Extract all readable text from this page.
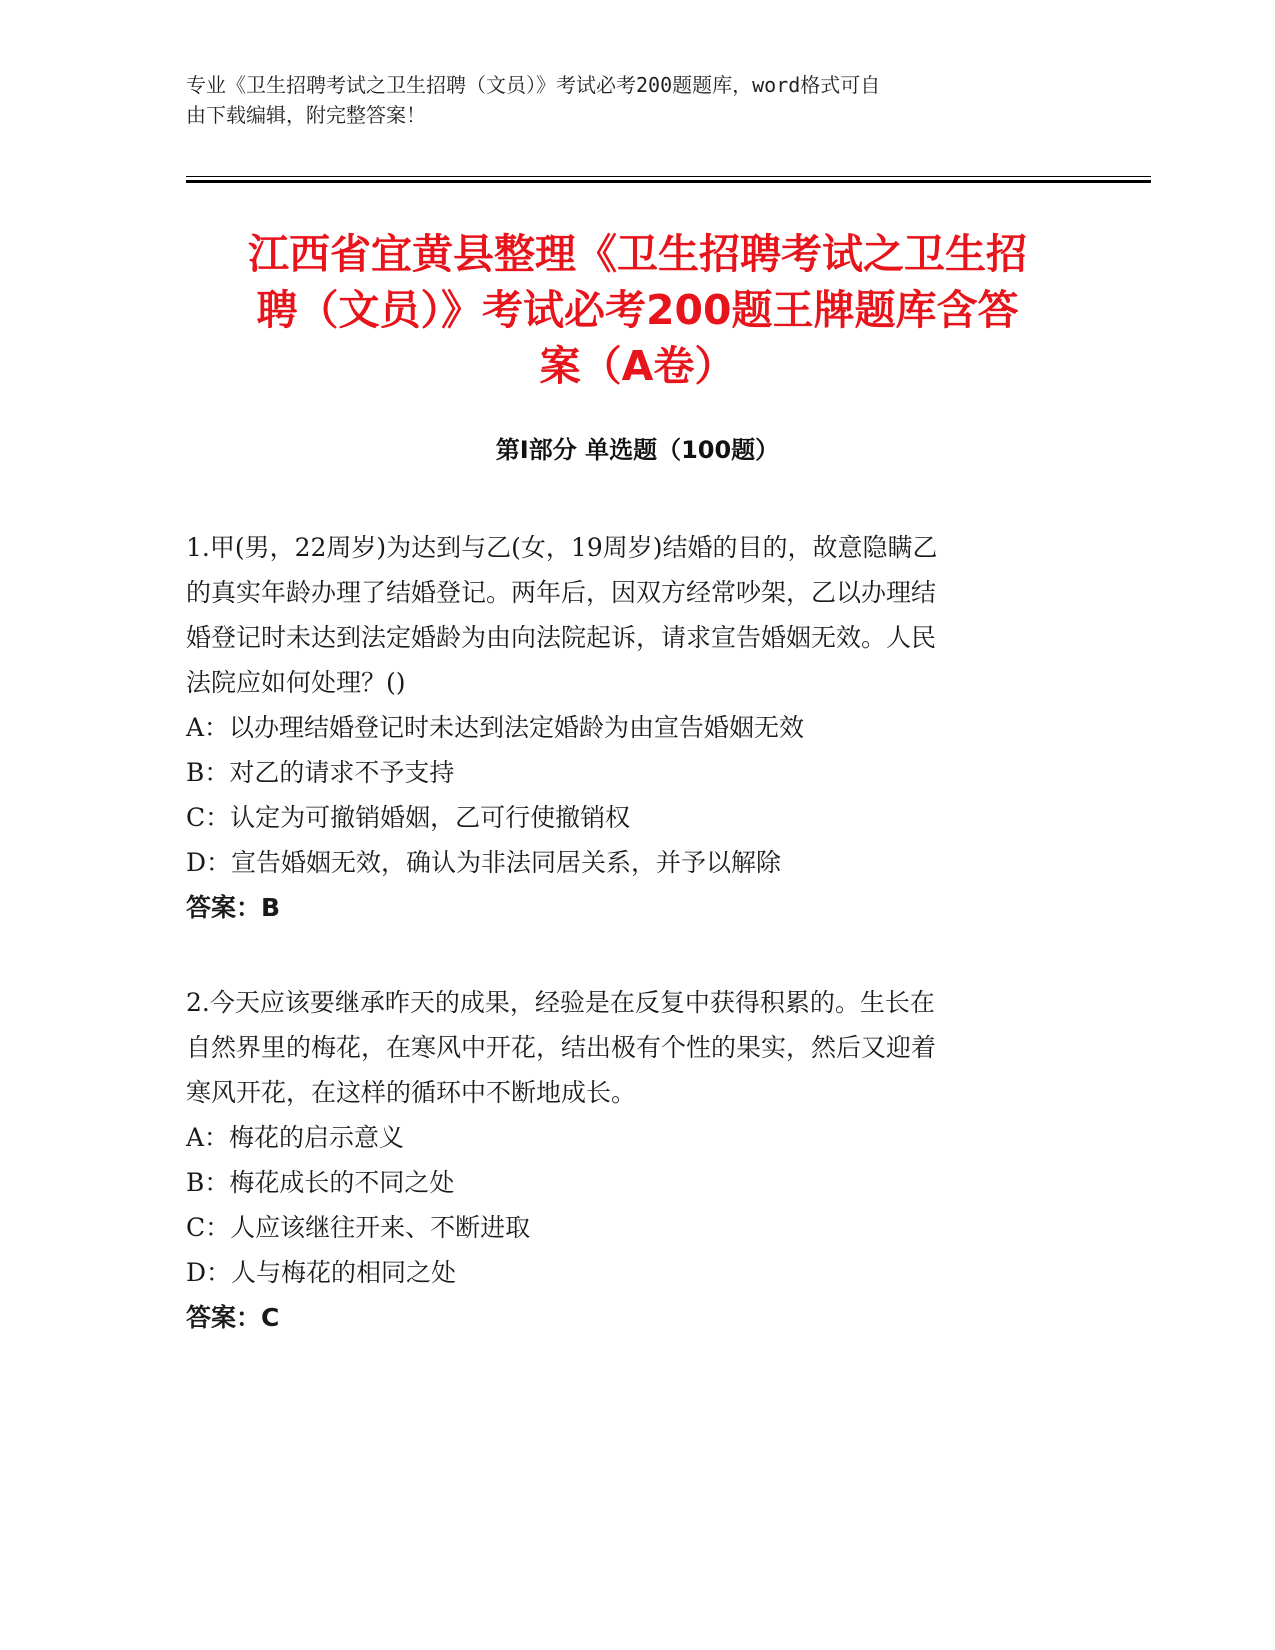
专业《卫生招聘考试之卫生招聘（文员）》考试必考200题题库，word格式可自
由下载编辑，附完整答案！
江西省宜黄县整理《卫生招聘考试之卫生招
聘（文员）》考试必考200题王牌题库含答
案（A卷）
第Ⅰ部分 单选题（100题）
1.甲(男，22周岁)为达到与乙(女，19周岁)结婚的目的，故意隐瞒乙
的真实年龄办理了结婚登记。两年后，因双方经常吵架，乙以办理结
婚登记时未达到法定婚龄为由向法院起诉，请求宣告婚姻无效。人民
法院应如何处理？()
A：以办理结婚登记时未达到法定婚龄为由宣告婚姻无效
B：对乙的请求不予支持
C：认定为可撤销婚姻，乙可行使撤销权
D：宣告婚姻无效，确认为非法同居关系，并予以解除
答案：B
2.今天应该要继承昨天的成果，经验是在反复中获得积累的。生长在
自然界里的梅花，在寒风中开花，结出极有个性的果实，然后又迎着
寒风开花，在这样的循环中不断地成长。
A：梅花的启示意义
B：梅花成长的不同之处
C：人应该继往开来、不断进取
D：人与梅花的相同之处
答案：C
